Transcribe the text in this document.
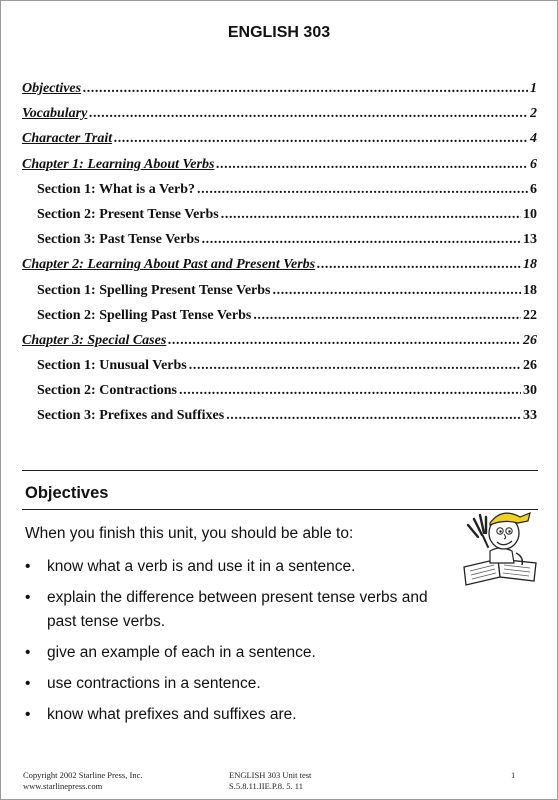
ENGLISH 303
Objectives .....	1
Vocabulary .....	2
Character Trait .....	4
Chapter 1: Learning About Verbs .....	6
Section 1: What is a Verb? .....	6
Section 2: Present Tense Verbs .....	10
Section 3: Past Tense Verbs .....	13
Chapter 2: Learning About Past and Present Verbs .....	18
Section 1: Spelling Present Tense Verbs .....	18
Section 2: Spelling Past Tense Verbs .....	22
Chapter 3: Special Cases .....	26
Section 1: Unusual Verbs .....	26
Section 2: Contractions .....	30
Section 3: Prefixes and Suffixes .....	33
Objectives
When you finish this unit, you should be able to:
•	know what a verb is and use it in a sentence.
•	explain the difference between present tense verbs and past tense verbs.
•	give an example of each in a sentence.
•	use contractions in a sentence.
•	know what prefixes and suffixes are.
Copyright 2002 Starline Press, Inc.
www.starlinepress.com
ENGLISH 303 Unit test
S.5.8.11.IIE.P.8. 5. 11
1
